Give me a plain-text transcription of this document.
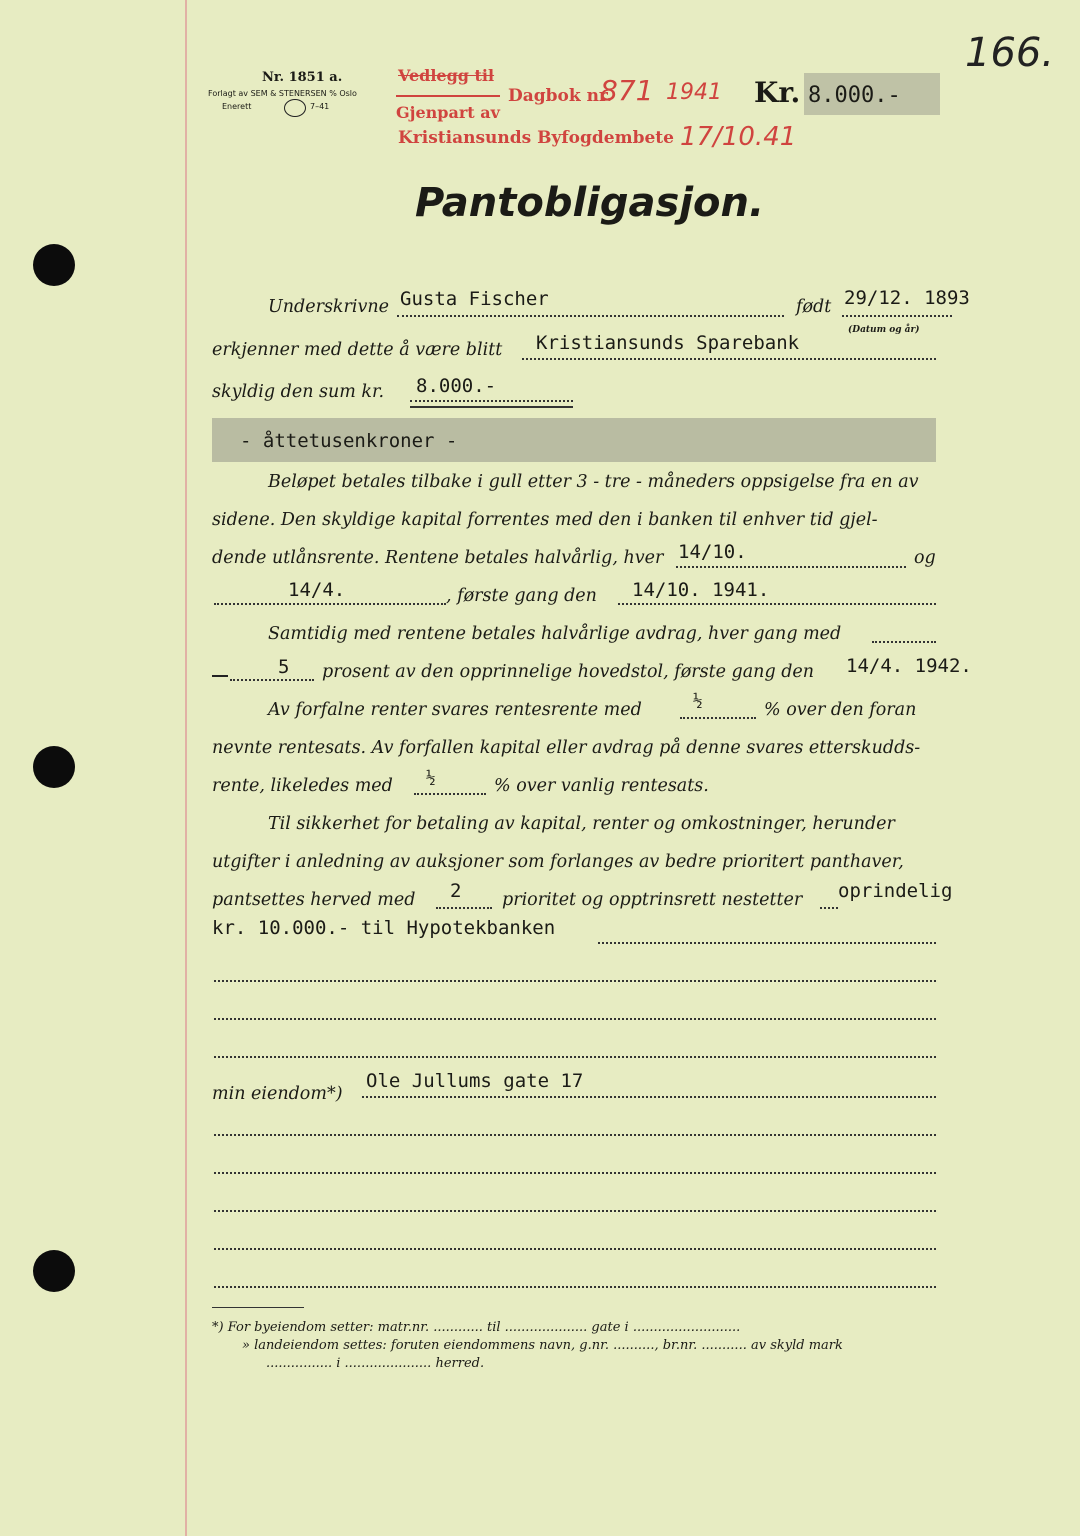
166.
Nr. 1851 a.
Forlagt av SEM & STENERSEN % Oslo
Enerett	7–41
Vedlegg til
Gjenpart av
Dagbok nr.
871 1941
Kristiansunds Byfogdembete 17/10.41
Kr. 8.000.-
Pantobligasjon.
Underskrivne Gusta Fischer	født 29/12. 1893
(Datum og år)
erkjenner med dette å være blitt Kristiansunds Sparebank
skyldig den sum kr. 8.000.-
- åttetusenkroner -
Beløpet betales tilbake i gull etter 3 - tre - måneders oppsigelse fra en av
sidene. Den skyldige kapital forrentes med den i banken til enhver tid gjel-
dende utlånsrente. Rentene betales halvårlig, hver 14/10.	og
14/4.	, første gang den 14/10. 1941.
Samtidig med rentene betales halvårlige avdrag, hver gang med
5 prosent av den opprinnelige hovedstol, første gang den 14/4. 1942.
Av forfalne renter svares rentesrente med	½	% over den foran
nevnte rentesats. Av forfallen kapital eller avdrag på denne svares etterskudds-
rente, likeledes med ½	% over vanlig rentesats.
Til sikkerhet for betaling av kapital, renter og omkostninger, herunder
utgifter i anledning av auksjoner som forlanges av bedre prioritert panthaver,
pantsettes herved med 2 prioritet og opptrinsrett nestetter oprindelig
kr. 10.000.- til Hypotekbanken
min eiendom*)
Ole Jullums gate 17
*) For byeiendom setter: matr.nr. ............ til .................... gate i ..........................
» landeiendom settes: foruten eiendommens navn, g.nr. .........., br.nr. ........... av skyld mark
................ i ..................... herred.
